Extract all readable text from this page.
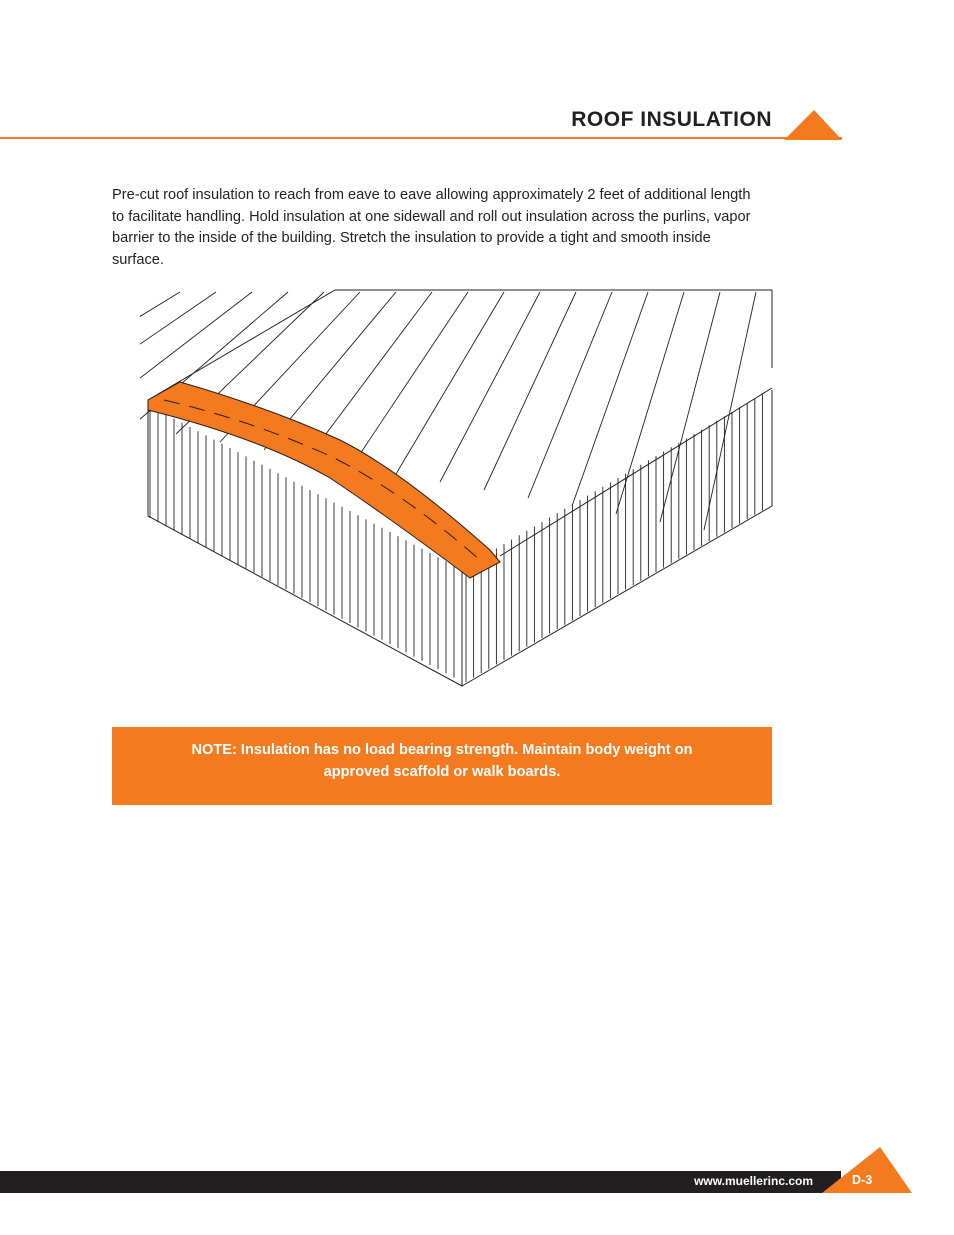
ROOF INSULATION
Pre-cut roof insulation to reach from eave to eave allowing approximately 2 feet of additional length to facilitate handling. Hold insulation at one sidewall and roll out insulation across the purlins, vapor barrier to the inside of the building. Stretch the insulation to provide a tight and smooth inside surface.
NOTE: Insulation has no load bearing strength. Maintain body weight on approved scaffold or walk boards.
www.muellerinc.com	D-3
